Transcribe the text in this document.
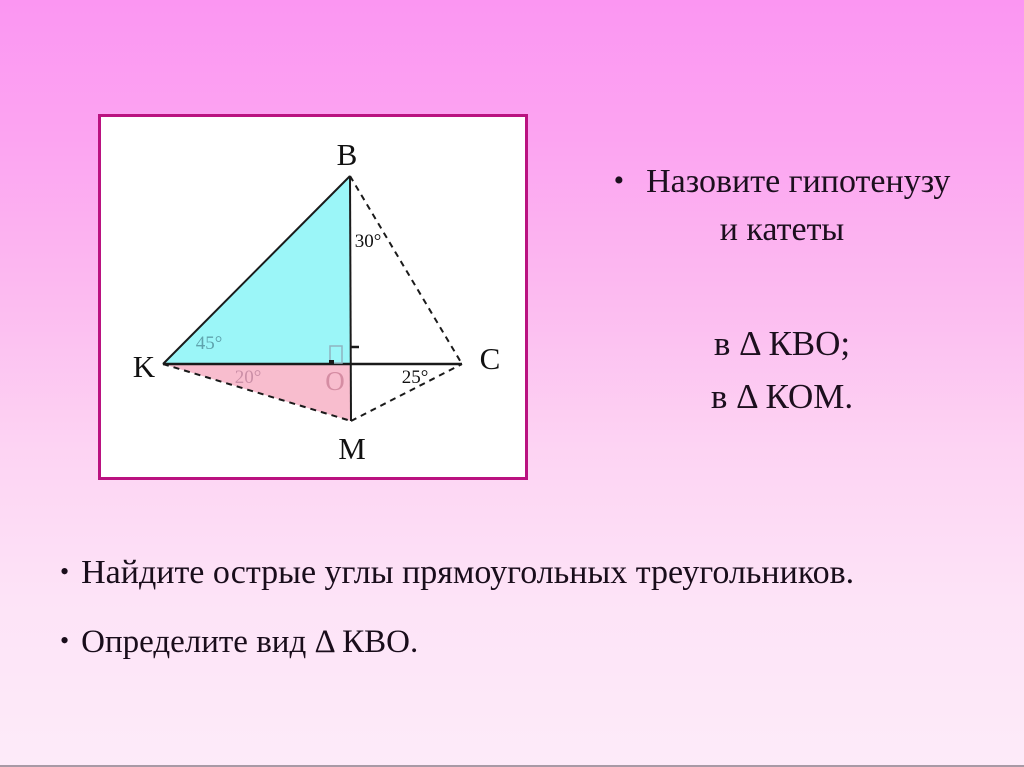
B
K	C
M
O
30°
45°
20°	25°
• Назовите гипотенузу
и катеты
в Δ КВО;
в Δ КОМ.
• Найдите острые углы прямоугольных треугольников.
• Определите вид Δ КВО.
